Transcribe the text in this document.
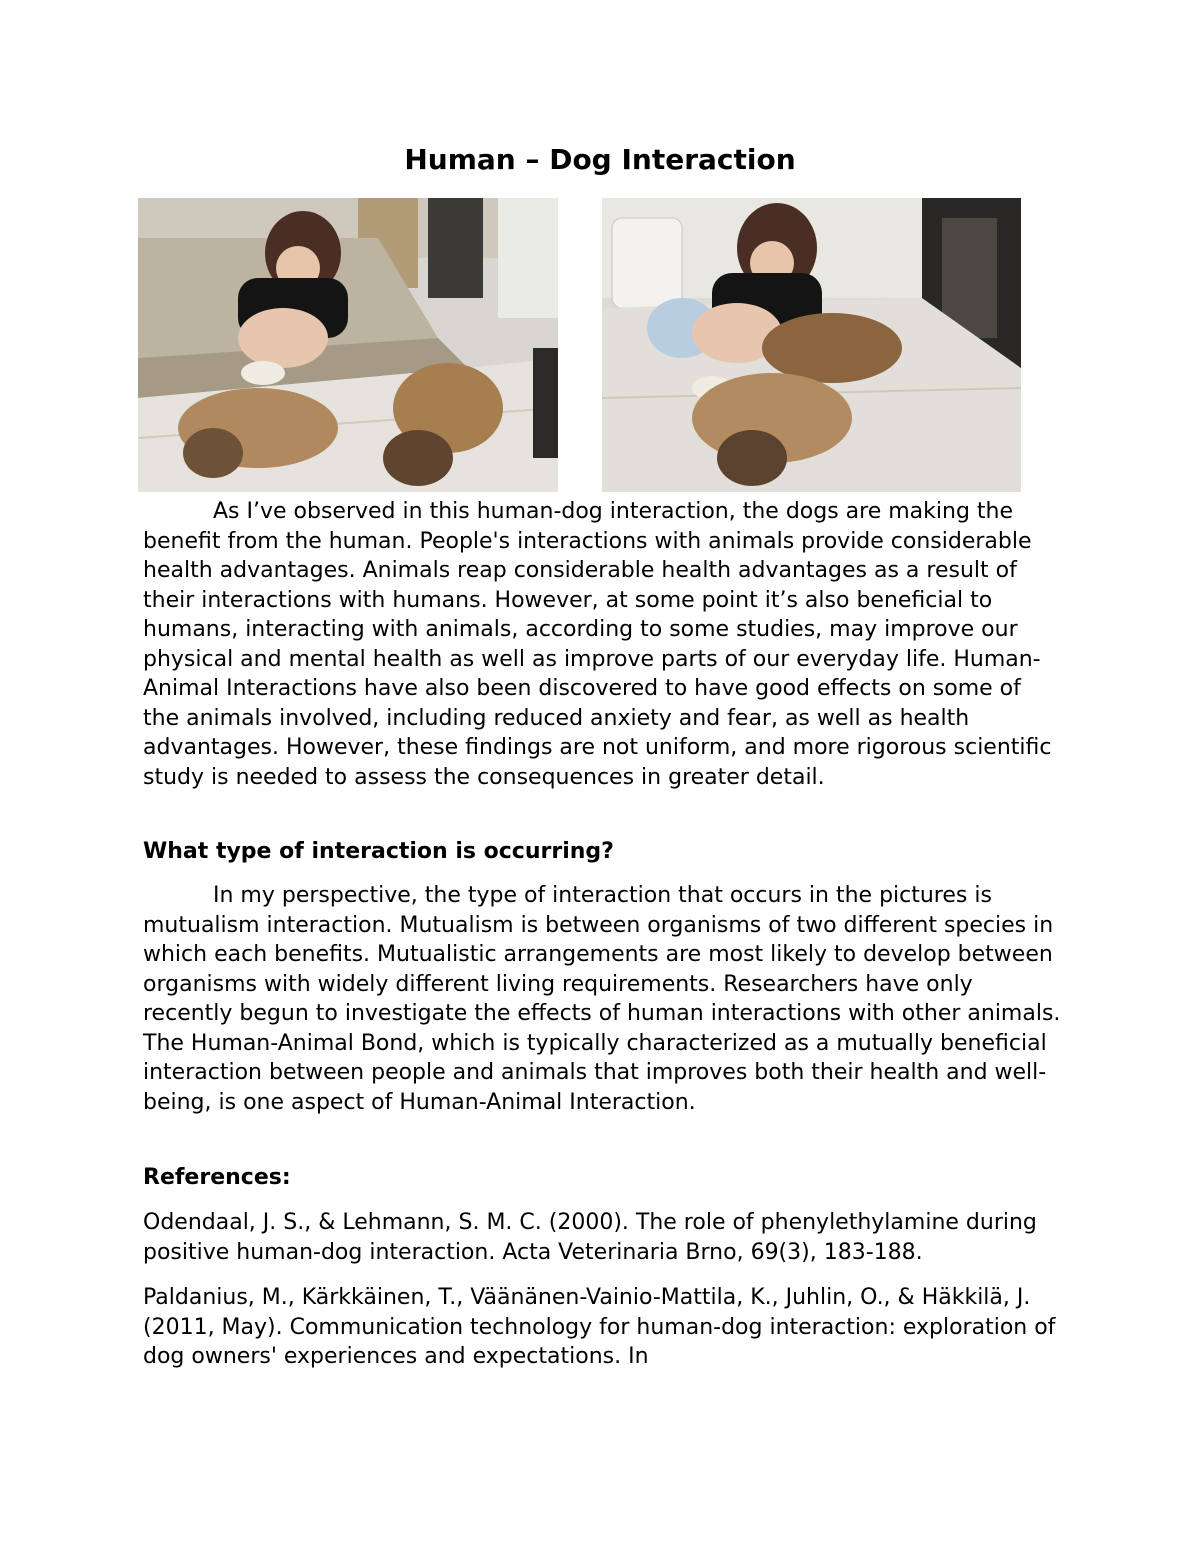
Human – Dog Interaction

As I’ve observed in this human-dog interaction, the dogs are making the benefit from the human. People's interactions with animals provide considerable health advantages. Animals reap considerable health advantages as a result of their interactions with humans. However, at some point it’s also beneficial to humans, interacting with animals, according to some studies, may improve our physical and mental health as well as improve parts of our everyday life. Human-Animal Interactions have also been discovered to have good effects on some of the animals involved, including reduced anxiety and fear, as well as health advantages. However, these findings are not uniform, and more rigorous scientific study is needed to assess the consequences in greater detail.

What type of interaction is occurring?

In my perspective, the type of interaction that occurs in the pictures is mutualism interaction. Mutualism is between organisms of two different species in which each benefits. Mutualistic arrangements are most likely to develop between organisms with widely different living requirements. Researchers have only recently begun to investigate the effects of human interactions with other animals. The Human-Animal Bond, which is typically characterized as a mutually beneficial interaction between people and animals that improves both their health and well-being, is one aspect of Human-Animal Interaction.

References:
Odendaal, J. S., & Lehmann, S. M. C. (2000). The role of phenylethylamine during positive human-dog interaction. Acta Veterinaria Brno, 69(3), 183-188.
Paldanius, M., Kärkkäinen, T., Väänänen-Vainio-Mattila, K., Juhlin, O., & Häkkilä, J. (2011, May). Communication technology for human-dog interaction: exploration of dog owners' experiences and expectations. In
